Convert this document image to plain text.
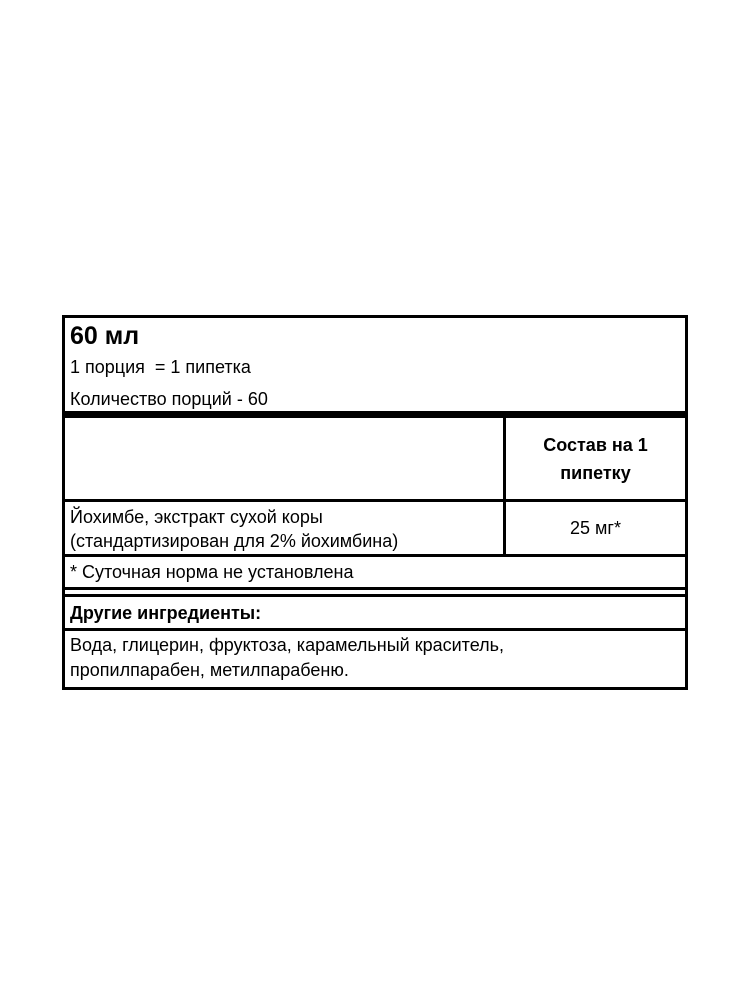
60 мл
1 порция  = 1 пипетка
Количество порций - 60
Состав на 1 пипетку
Йохимбе, экстракт сухой коры
(стандартизирован для 2% йохимбина)
25 мг*
* Суточная норма не установлена
Другие ингредиенты:
Вода, глицерин, фруктоза, карамельный краситель,
пропилпарабен, метилпарабеню.
